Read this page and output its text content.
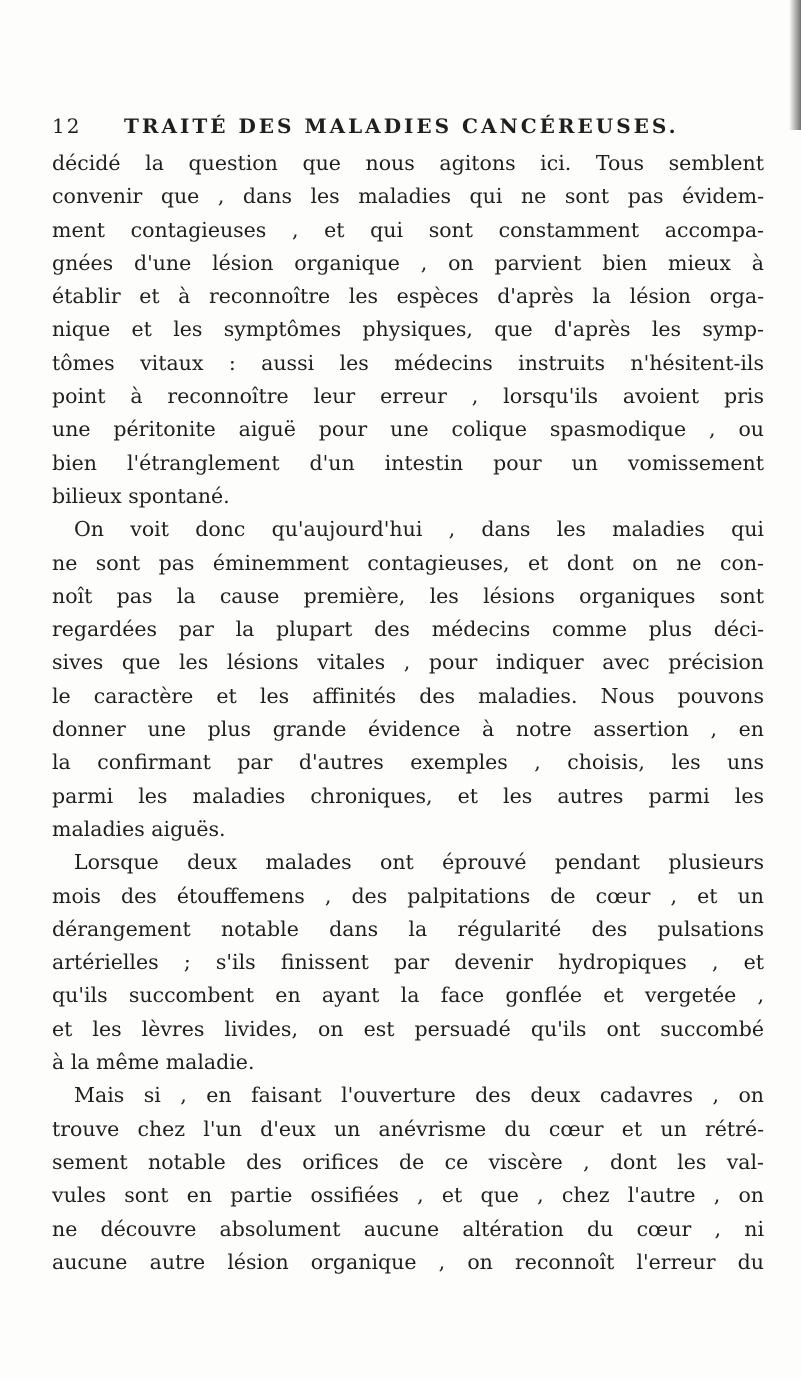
12 TRAITÉ DES MALADIES CANCÉREUSES.
décidé la question que nous agitons ici. Tous semblent
convenir que , dans les maladies qui ne sont pas évidem-
ment contagieuses , et qui sont constamment accompa-
gnées d'une lésion organique , on parvient bien mieux à
établir et à reconnoître les espèces d'après la lésion orga-
nique et les symptômes physiques, que d'après les symp-
tômes vitaux : aussi les médecins instruits n'hésitent-ils
point à reconnoître leur erreur , lorsqu'ils avoient pris
une péritonite aiguë pour une colique spasmodique , ou
bien l'étranglement d'un intestin pour un vomissement
bilieux spontané.
On voit donc qu'aujourd'hui , dans les maladies qui
ne sont pas éminemment contagieuses, et dont on ne con-
noît pas la cause première, les lésions organiques sont
regardées par la plupart des médecins comme plus déci-
sives que les lésions vitales , pour indiquer avec précision
le caractère et les affinités des maladies. Nous pouvons
donner une plus grande évidence à notre assertion , en
la confirmant par d'autres exemples , choisis, les uns
parmi les maladies chroniques, et les autres parmi les
maladies aiguës.
Lorsque deux malades ont éprouvé pendant plusieurs
mois des étouffemens , des palpitations de cœur , et un
dérangement notable dans la régularité des pulsations
artérielles ; s'ils finissent par devenir hydropiques , et
qu'ils succombent en ayant la face gonflée et vergetée ,
et les lèvres livides, on est persuadé qu'ils ont succombé
à la même maladie.
Mais si , en faisant l'ouverture des deux cadavres , on
trouve chez l'un d'eux un anévrisme du cœur et un rétré-
sement notable des orifices de ce viscère , dont les val-
vules sont en partie ossifiées , et que , chez l'autre , on
ne découvre absolument aucune altération du cœur , ni
aucune autre lésion organique , on reconnoît l'erreur du
